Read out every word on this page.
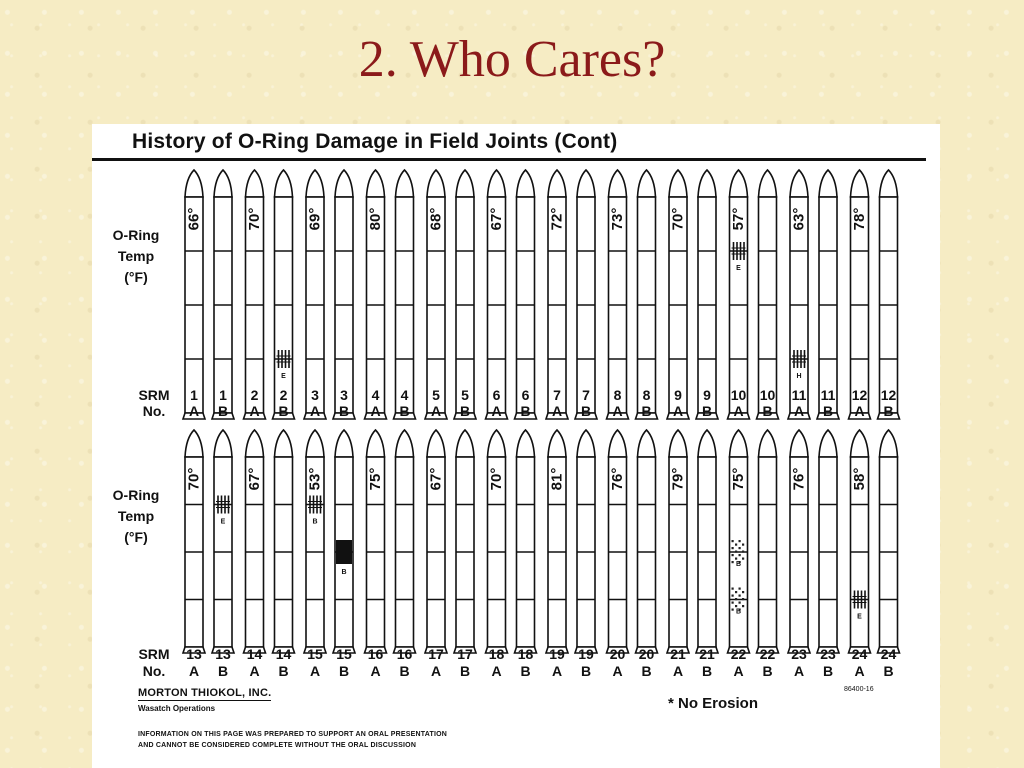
2. Who Cares?
History of O-Ring Damage in Field Joints (Cont)
O-Ring
Temp
(°F)
SRM
No.
66°
1
A
1
B
70°
2
A
2
B
69°
3
A
3
B
80°
4
A
4
B
68°
5
A
5
B
67°
6
A
6
B
72°
7
A
7
B
73°
8
A
8
B
70°
9
A
9
B
57°
10
A
10
B
63°
11
A
11
B
78°
12
A
12
B
O-Ring
Temp
(°F)
SRM
No.
70°
13
A
13
B
67°
14
A
14
B
53°
15
A
15
B
75°
16
A
16
B
67°
17
A
17
B
70°
18
A
18
B
81°
19
A
19
B
76°
20
A
20
B
79°
21
A
21
B
75°
22
A
22
B
76°
23
A
23
B
58°
24
A
24
B
E
E
H
E	B
B
B
B
E
MORTON THIOKOL, INC.
Wasatch Operations
86400-16
* No Erosion
INFORMATION ON THIS PAGE WAS PREPARED TO SUPPORT AN ORAL PRESENTATION
AND CANNOT BE CONSIDERED COMPLETE WITHOUT THE ORAL DISCUSSION
